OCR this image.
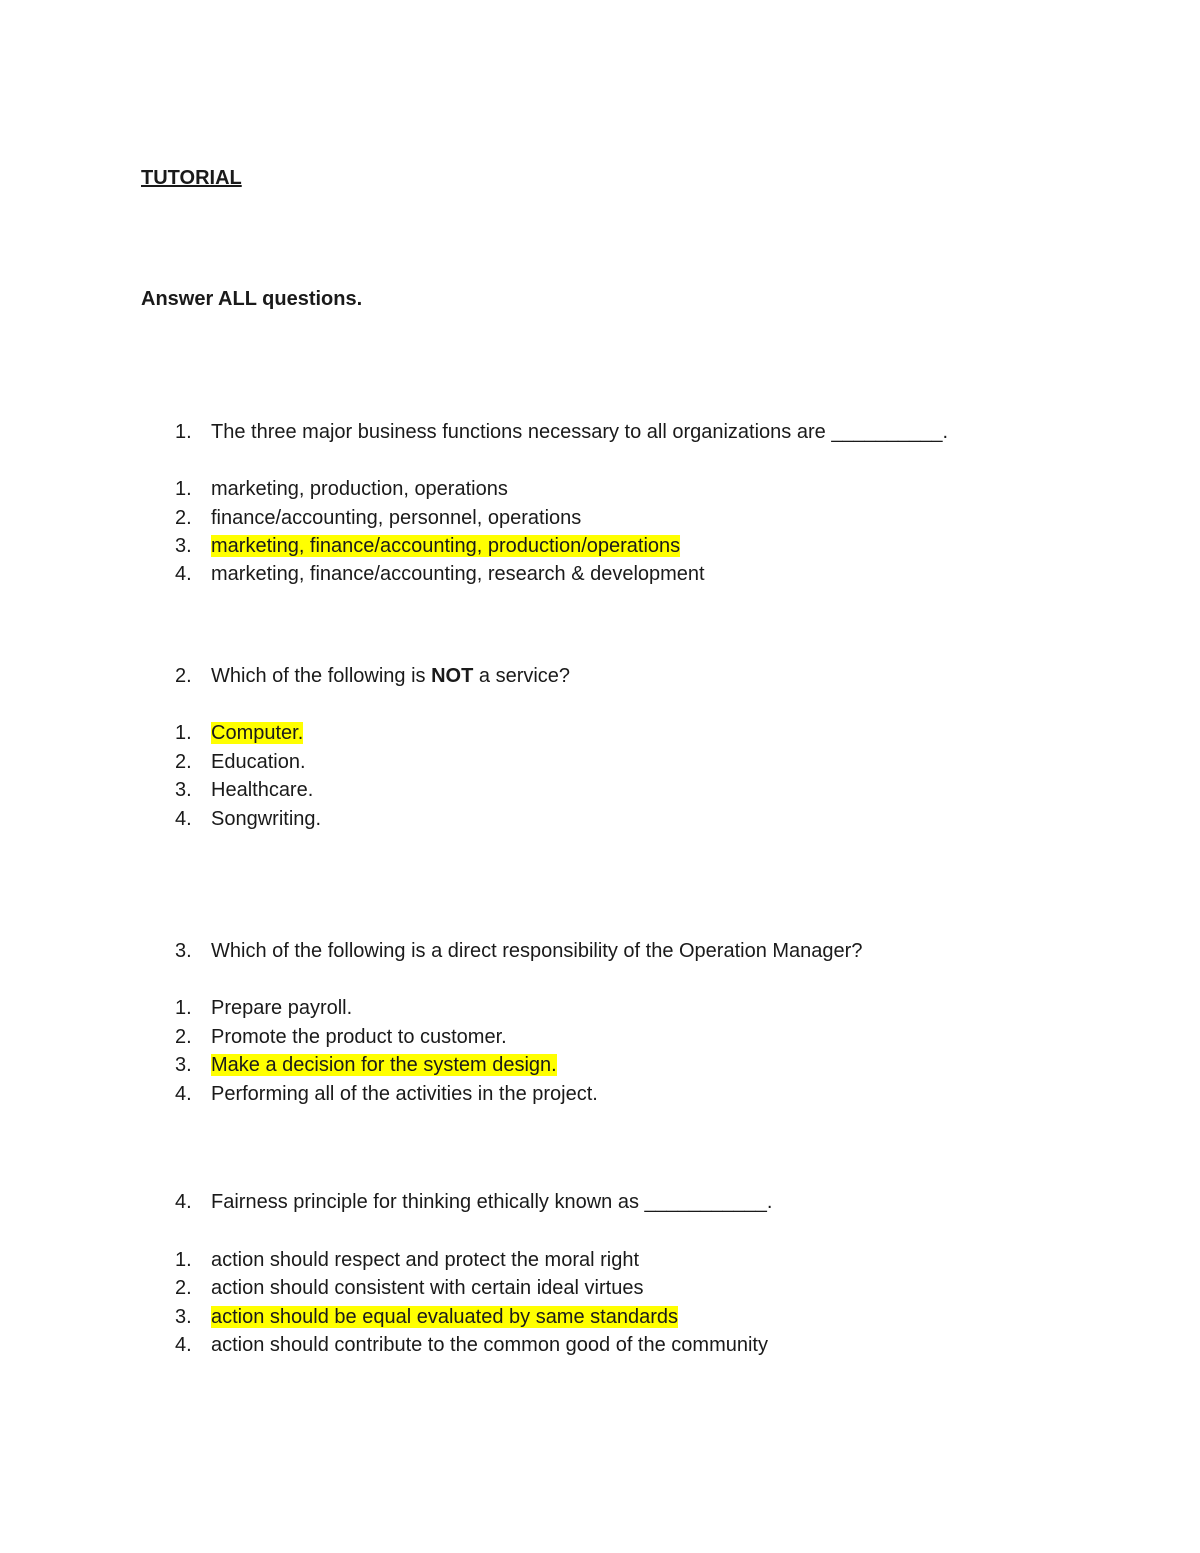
TUTORIAL
Answer ALL questions.
1. The three major business functions necessary to all organizations are __________.
1. marketing, production, operations
2. finance/accounting, personnel, operations
3. marketing, finance/accounting, production/operations
4. marketing, finance/accounting, research & development
2. Which of the following is NOT a service?
1. Computer.
2. Education.
3. Healthcare.
4. Songwriting.
3. Which of the following is a direct responsibility of the Operation Manager?
1. Prepare payroll.
2. Promote the product to customer.
3. Make a decision for the system design.
4. Performing all of the activities in the project.
4. Fairness principle for thinking ethically known as ___________.
1. action should respect and protect the moral right
2. action should consistent with certain ideal virtues
3. action should be equal evaluated by same standards
4. action should contribute to the common good of the community
